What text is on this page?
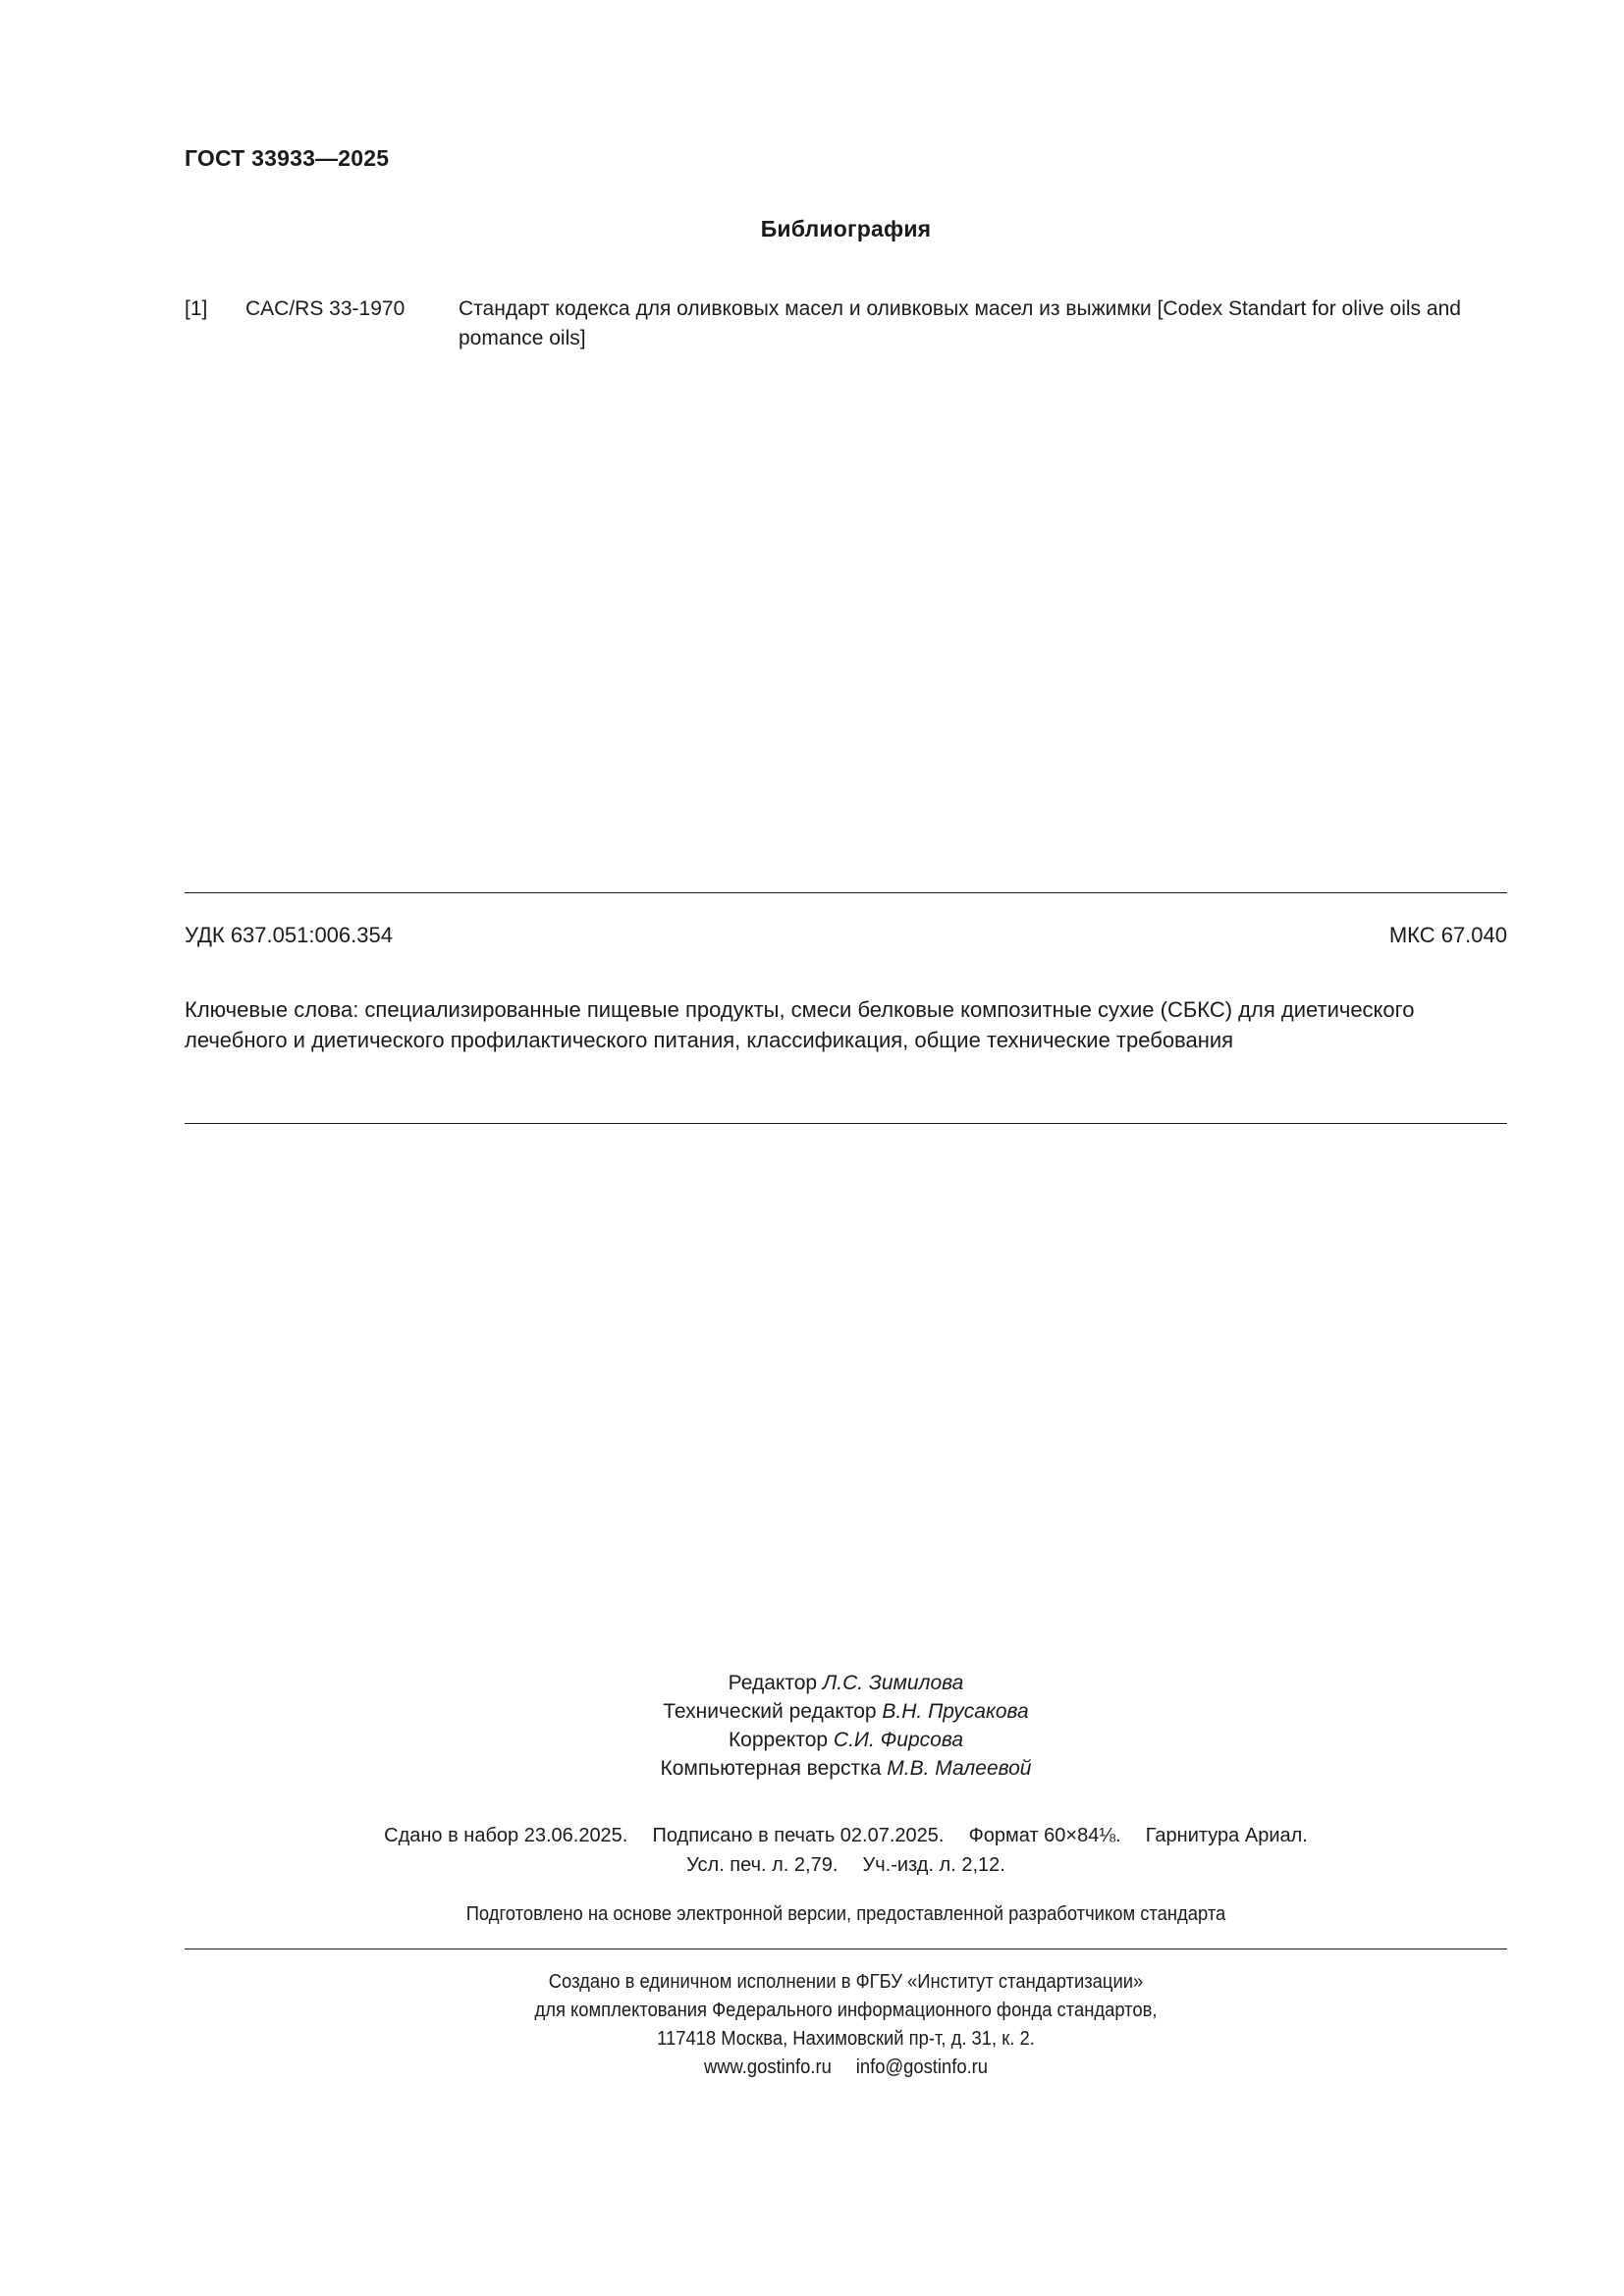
ГОСТ 33933—2025
Библиография
[1]	CAC/RS 33-1970	Стандарт кодекса для оливковых масел и оливковых масел из выжимки [Codex Standart for olive oils and pomance oils]
УДК 637.051:006.354	МКС 67.040
Ключевые слова: специализированные пищевые продукты, смеси белковые композитные сухие (СБКС) для диетического лечебного и диетического профилактического питания, классификация, общие технические требования
Редактор Л.С. Зимилова
Технический редактор В.Н. Прусакова
Корректор С.И. Фирсова
Компьютерная верстка М.В. Малеевой
Сдано в набор 23.06.2025. Подписано в печать 02.07.2025. Формат 60×84⅛. Гарнитура Ариал.
Усл. печ. л. 2,79. Уч.-изд. л. 2,12.
Подготовлено на основе электронной версии, предоставленной разработчиком стандарта
Создано в единичном исполнении в ФГБУ «Институт стандартизации»
для комплектования Федерального информационного фонда стандартов,
117418 Москва, Нахимовский пр-т, д. 31, к. 2.
www.gostinfo.ru info@gostinfo.ru
